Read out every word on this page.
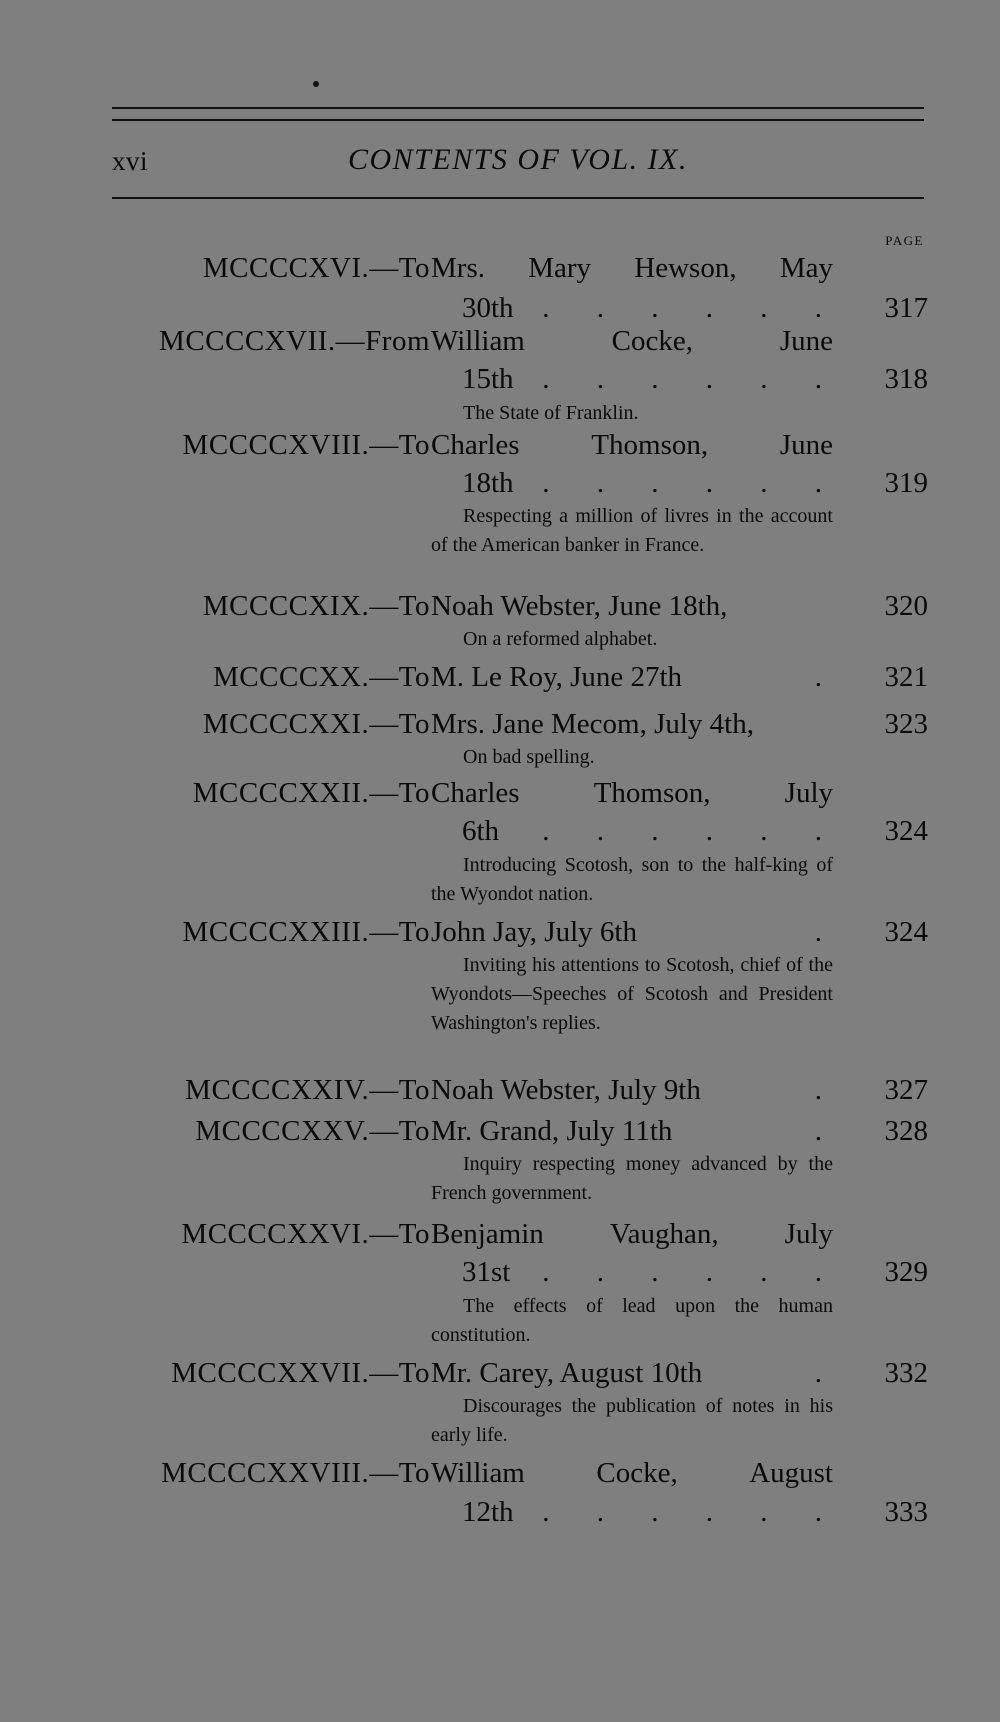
xvi	CONTENTS OF VOL. IX.
PAGE
MCCCCXVI.—To Mrs. Mary Hewson, May
30th . . . . . . 317
MCCCCXVII.—From William	Cocke,	June
15th . . . . . . 318
The State of Franklin.
MCCCCXVIII.—To Charles Thomson, June
18th . . . . . . 319
Respecting a million of livres in the account of the American banker in France.
MCCCCXIX.—To Noah Webster, June 18th,	320
On a reformed alphabet.
MCCCCXX.—To M. Le Roy, June 27th	. 321
MCCCCXXI.—To Mrs. Jane Mecom, July 4th,	323
On bad spelling.
MCCCCXXII.—To Charles	Thomson,	July
6th . . . . . . 324
Introducing Scotosh, son to the half-king of the Wyondot nation.
MCCCCXXIII.—To John Jay, July 6th	. 324
Inviting his attentions to Scotosh, chief of the Wyondots—Speeches of Scotosh and President Washington's replies.
MCCCCXXIV.—To Noah Webster, July 9th	. 327
MCCCCXXV.—To Mr. Grand, July 11th	. 328
Inquiry respecting money advanced by the French government.
MCCCCXXVI.—To Benjamin Vaughan, July
31st . . . . . . 329
The effects of lead upon the human constitution.
MCCCCXXVII.—To Mr. Carey, August 10th	. 332
Discourages the publication of notes in his early life.
MCCCCXXVIII.—To William Cocke, August
12th . . . . . . 333
